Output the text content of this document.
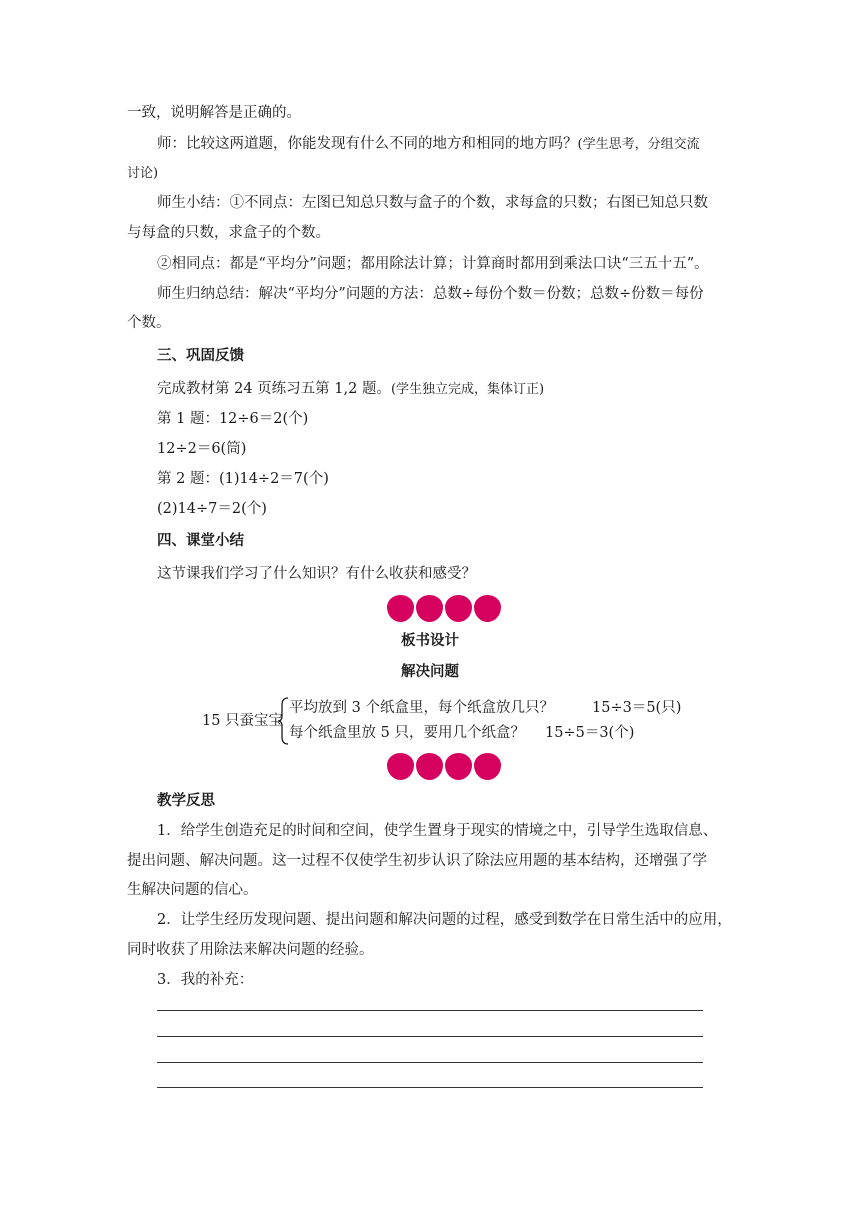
一致，说明解答是正确的。
师：比较这两道题，你能发现有什么不同的地方和相同的地方吗？(学生思考，分组交流
讨论)
师生小结：①不同点：左图已知总只数与盒子的个数，求每盒的只数；右图已知总只数
与每盒的只数，求盒子的个数。
②相同点：都是“平均分”问题；都用除法计算；计算商时都用到乘法口诀“三五十五”。
师生归纳总结：解决“平均分”问题的方法：总数÷每份个数＝份数；总数÷份数＝每份
个数。
三、巩固反馈
完成教材第 24 页练习五第 1,2 题。(学生独立完成，集体订正)
第 1 题：12÷6＝2(个)
12÷2＝6(筒)
第 2 题：(1)14÷2＝7(个)
(2)14÷7＝2(个)
四、课堂小结
这节课我们学习了什么知识？有什么收获和感受？
板书设计
解决问题
15 只蚕宝宝
平均放到 3 个纸盒里，每个纸盒放几只？	15÷3＝5(只)
每个纸盒里放 5 只，要用几个纸盒？ 15÷5＝3(个)
教学反思
1．给学生创造充足的时间和空间，使学生置身于现实的情境之中，引导学生选取信息、
提出问题、解决问题。这一过程不仅使学生初步认识了除法应用题的基本结构，还增强了学
生解决问题的信心。
2．让学生经历发现问题、提出问题和解决问题的过程，感受到数学在日常生活中的应用，
同时收获了用除法来解决问题的经验。
3．我的补充：
